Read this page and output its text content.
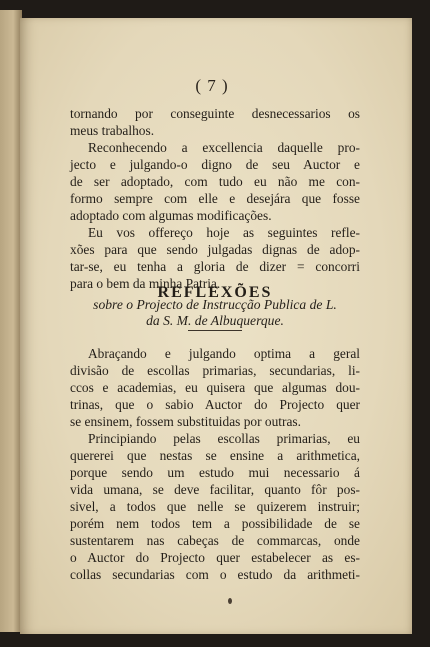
( 7 )

tornando por conseguinte desnecessarios os

meus trabalhos.

Reconhecendo a excellencia daquelle pro-

jecto e julgando-o digno de seu Auctor e

de ser adoptado, com tudo eu não me con-

formo sempre com elle e desejára que fosse

adoptado com algumas modificações.

Eu vos offereço hoje as seguintes refle-

xões para que sendo julgadas dignas de adop-

tar-se, eu tenha a gloria de dizer = concorri

para o bem da minha Patria.

REFLEXÕES

sobre o Projecto de Instrucção Publica de L.

da S. M. de Albuquerque.

Abraçando e julgando optima a geral

divisão de escollas primarias, secundarias, li-

ccos e academias, eu quisera que algumas dou-

trinas, que o sabio Auctor do Projecto quer

se ensinem, fossem substituidas por outras.

Principiando pelas escollas primarias, eu

quererei que nestas se ensine a arithmetica,

porque sendo um estudo mui necessario á

vida umana, se deve facilitar, quanto fôr pos-

sivel, a todos que nelle se quizerem instruir;

porém nem todos tem a possibilidade de se

sustentarem nas cabeças de commarcas, onde

o Auctor do Projecto quer estabelecer as es-

collas secundarias com o estudo da arithmeti-
